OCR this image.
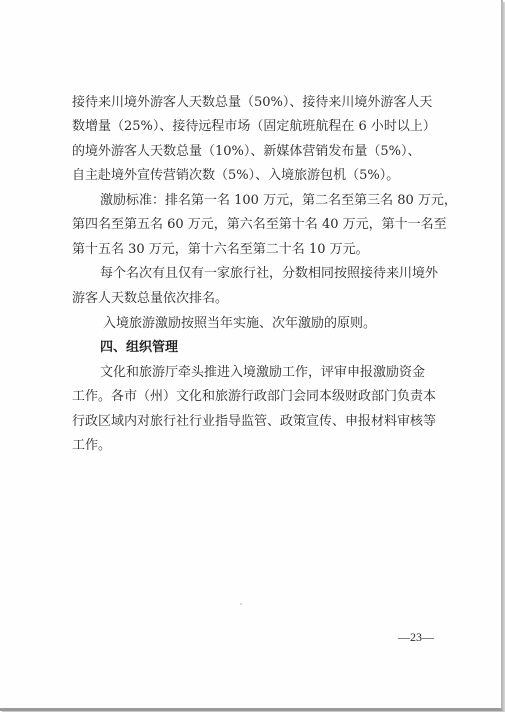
接待来川境外游客人天数总量（50%）、接待来川境外游客人天
数增量（25%）、接待远程市场（固定航班航程在 6 小时以上）
的境外游客人天数总量（10%）、新媒体营销发布量（5%）、
自主赴境外宣传营销次数（5%）、入境旅游包机（5%）。
激励标准：排名第一名 100 万元，第二名至第三名 80 万元，
第四名至第五名 60 万元，第六名至第十名 40 万元，第十一名至
第十五名 30 万元，第十六名至第二十名 10 万元。
每个名次有且仅有一家旅行社，分数相同按照接待来川境外
游客人天数总量依次排名。
入境旅游激励按照当年实施、次年激励的原则。
四、组织管理
文化和旅游厅牵头推进入境激励工作，评审申报激励资金
工作。各市（州）文化和旅游行政部门会同本级财政部门负责本
行政区域内对旅行社行业指导监管、政策宣传、申报材料审核等
工作。
—23—
